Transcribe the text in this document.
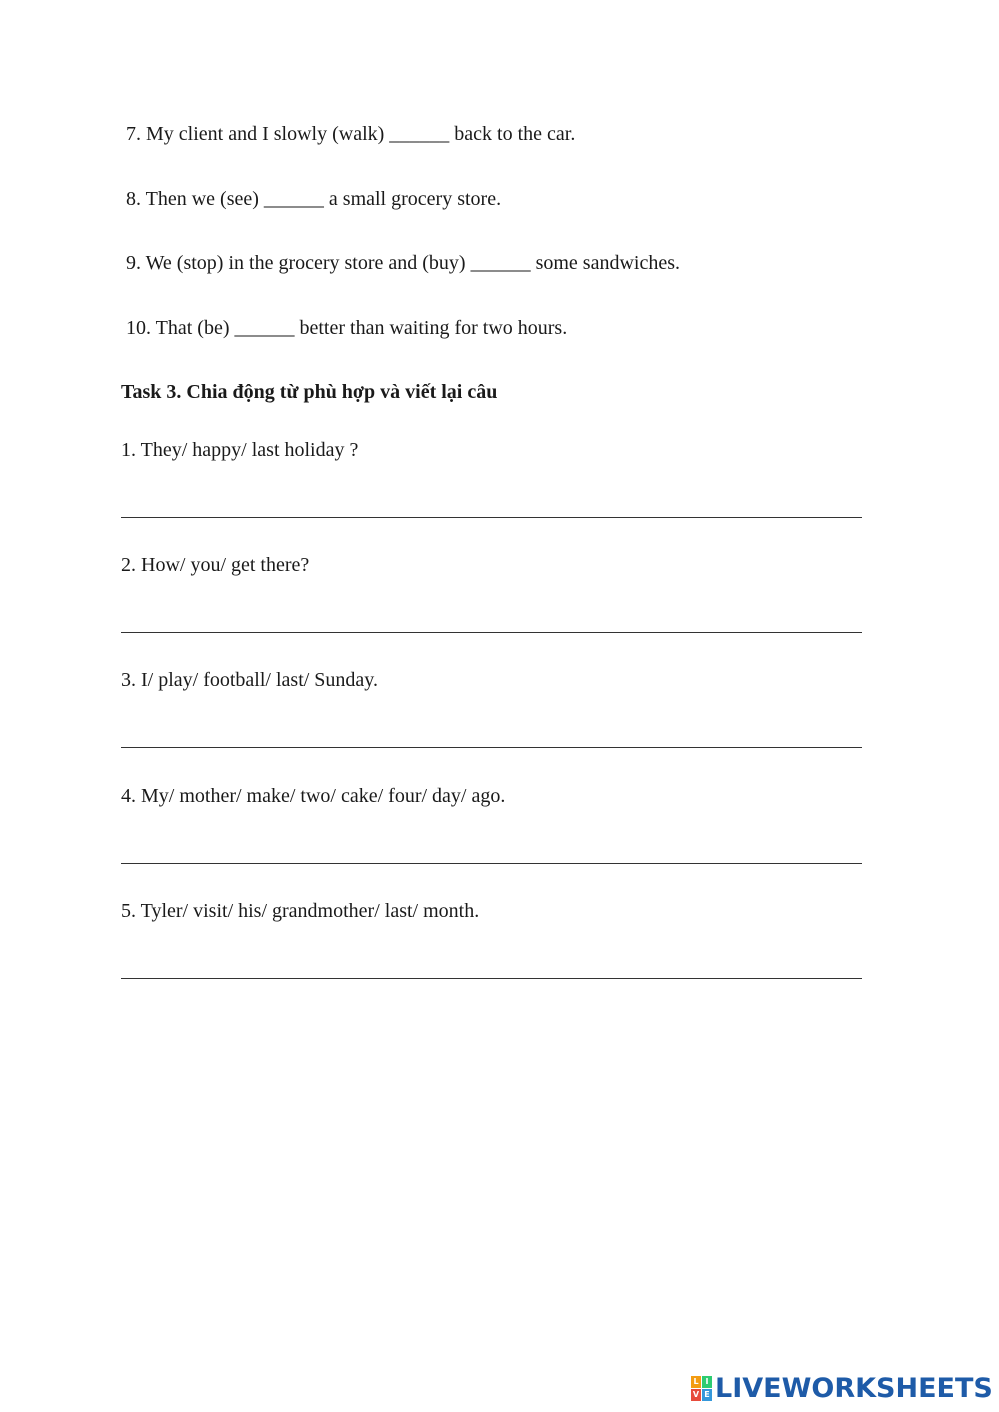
7. My client and I slowly (walk) ______ back to the car.
8. Then we (see) ______ a small grocery store.
9. We (stop) in the grocery store and (buy) ______ some sandwiches.
10. That (be) ______ better than waiting for two hours.
Task 3. Chia động từ phù hợp và viết lại câu
1. They/ happy/ last holiday ?
2. How/ you/ get there?
3. I/ play/ football/ last/ Sunday.
4. My/ mother/ make/ two/ cake/ four/ day/ ago.
5. Tyler/ visit/ his/ grandmother/ last/ month.
L I
V E LIVEWORKSHEETS
